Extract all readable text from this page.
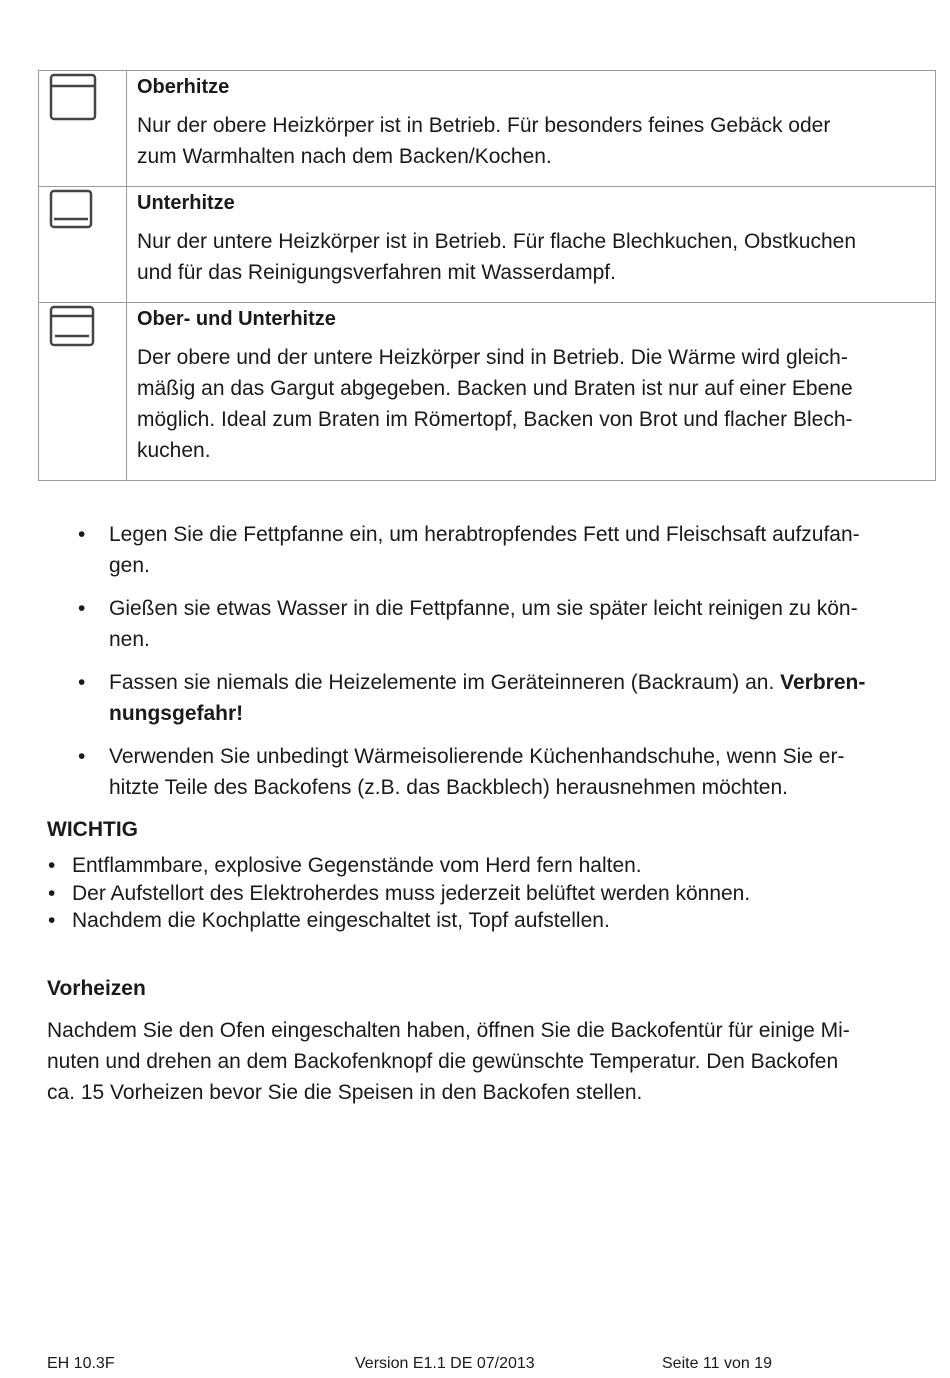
Oberhitze

Nur der obere Heizkörper ist in Betrieb. Für besonders feines Gebäck oder
zum Warmhalten nach dem Backen/Kochen.

Unterhitze

Nur der untere Heizkörper ist in Betrieb. Für flache Blechkuchen, Obstkuchen
und für das Reinigungsverfahren mit Wasserdampf.

Ober- und Unterhitze

Der obere und der untere Heizkörper sind in Betrieb. Die Wärme wird gleich-
mäßig an das Gargut abgegeben. Backen und Braten ist nur auf einer Ebene
möglich. Ideal zum Braten im Römertopf, Backen von Brot und flacher Blech-
kuchen.

• Legen Sie die Fettpfanne ein, um herabtropfendes Fett und Fleischsaft aufzufan-
gen.
• Gießen sie etwas Wasser in die Fettpfanne, um sie später leicht reinigen zu kön-
nen.
• Fassen sie niemals die Heizelemente im Geräteinneren (Backraum) an. Verbren-
nungsgefahr!
• Verwenden Sie unbedingt Wärmeisolierende Küchenhandschuhe, wenn Sie er-
hitzte Teile des Backofens (z.B. das Backblech) herausnehmen möchten.

WICHTIG

• Entflammbare, explosive Gegenstände vom Herd fern halten.
• Der Aufstellort des Elektroherdes muss jederzeit belüftet werden können.
• Nachdem die Kochplatte eingeschaltet ist, Topf aufstellen.

Vorheizen

Nachdem Sie den Ofen eingeschalten haben, öffnen Sie die Backofentür für einige Mi-
nuten und drehen an dem Backofenknopf die gewünschte Temperatur. Den Backofen
ca. 15 Vorheizen bevor Sie die Speisen in den Backofen stellen.

EH 10.3F	Version E1.1 DE 07/2013	Seite 11 von 19
